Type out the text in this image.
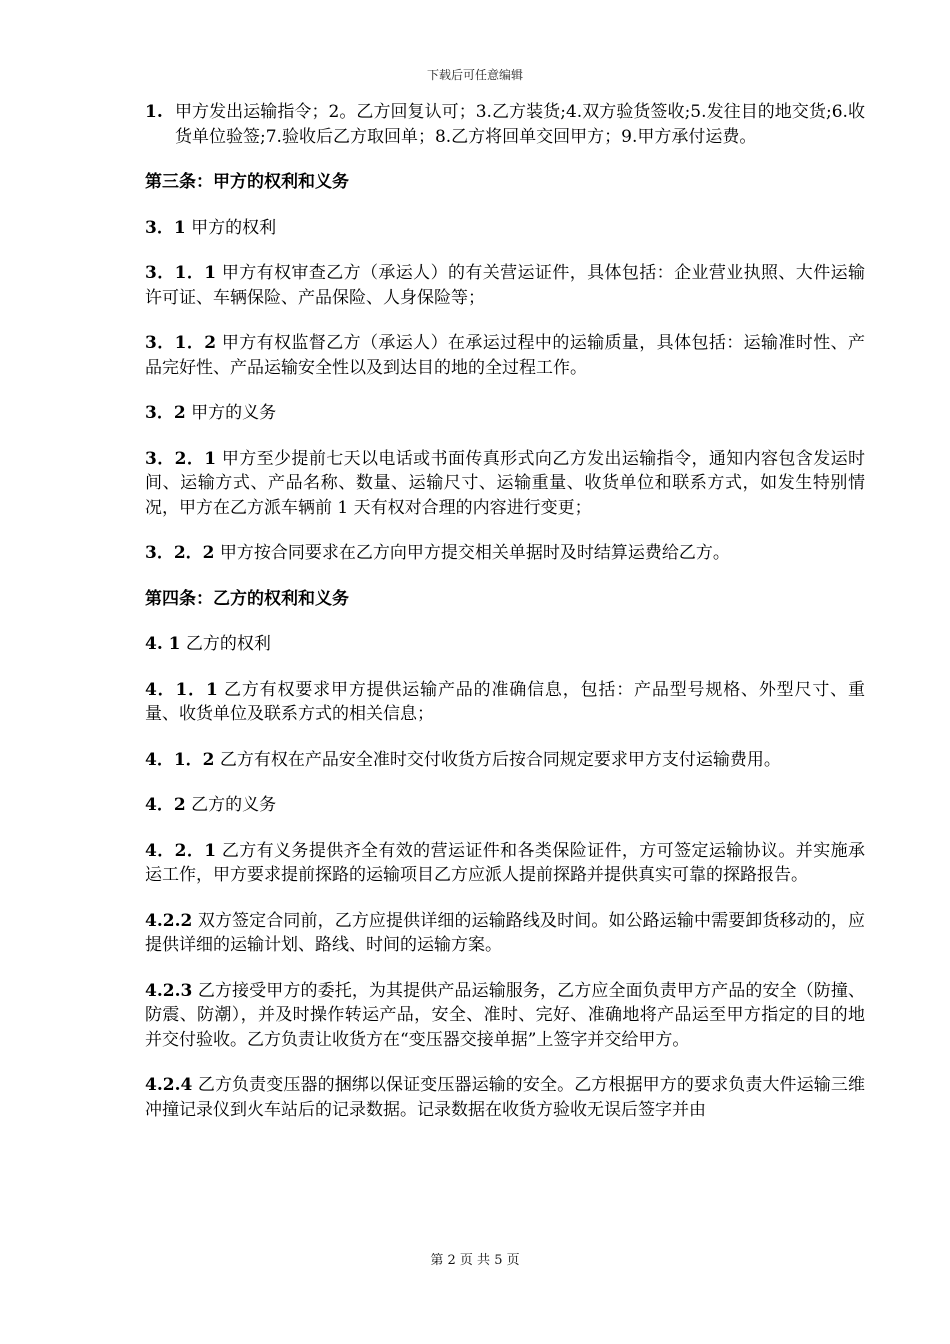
下载后可任意编辑
1. 甲方发出运输指令；2。乙方回复认可；3.乙方装货;4.双方验货签收;5.发往目的地交货;6.收货单位验签;7.验收后乙方取回单；8.乙方将回单交回甲方；9.甲方承付运费。

第三条：甲方的权利和义务

3．1 甲方的权利

3．1．1 甲方有权审查乙方（承运人）的有关营运证件，具体包括：企业营业执照、大件运输许可证、车辆保险、产品保险、人身保险等；

3．1．2 甲方有权监督乙方（承运人）在承运过程中的运输质量，具体包括：运输准时性、产品完好性、产品运输安全性以及到达目的地的全过程工作。

3．2 甲方的义务

3．2．1 甲方至少提前七天以电话或书面传真形式向乙方发出运输指令，通知内容包含发运时间、运输方式、产品名称、数量、运输尺寸、运输重量、收货单位和联系方式，如发生特别情况，甲方在乙方派车辆前 1 天有权对合理的内容进行变更；

3．2．2 甲方按合同要求在乙方向甲方提交相关单据时及时结算运费给乙方。

第四条：乙方的权利和义务

4. 1 乙方的权利

4．1．1 乙方有权要求甲方提供运输产品的准确信息，包括：产品型号规格、外型尺寸、重量、收货单位及联系方式的相关信息；

4．1．2 乙方有权在产品安全准时交付收货方后按合同规定要求甲方支付运输费用。

4．2 乙方的义务

4．2．1 乙方有义务提供齐全有效的营运证件和各类保险证件，方可签定运输协议。并实施承运工作，甲方要求提前探路的运输项目乙方应派人提前探路并提供真实可靠的探路报告。

4.2.2 双方签定合同前，乙方应提供详细的运输路线及时间。如公路运输中需要卸货移动的，应提供详细的运输计划、路线、时间的运输方案。

4.2.3 乙方接受甲方的委托，为其提供产品运输服务，乙方应全面负责甲方产品的安全（防撞、防震、防潮），并及时操作转运产品，安全、准时、完好、准确地将产品运至甲方指定的目的地并交付验收。乙方负责让收货方在“变压器交接单据”上签字并交给甲方。

4.2.4 乙方负责变压器的捆绑以保证变压器运输的安全。乙方根据甲方的要求负责大件运输三维冲撞记录仪到火车站后的记录数据。记录数据在收货方验收无误后签字并由

第 2 页 共 5 页
